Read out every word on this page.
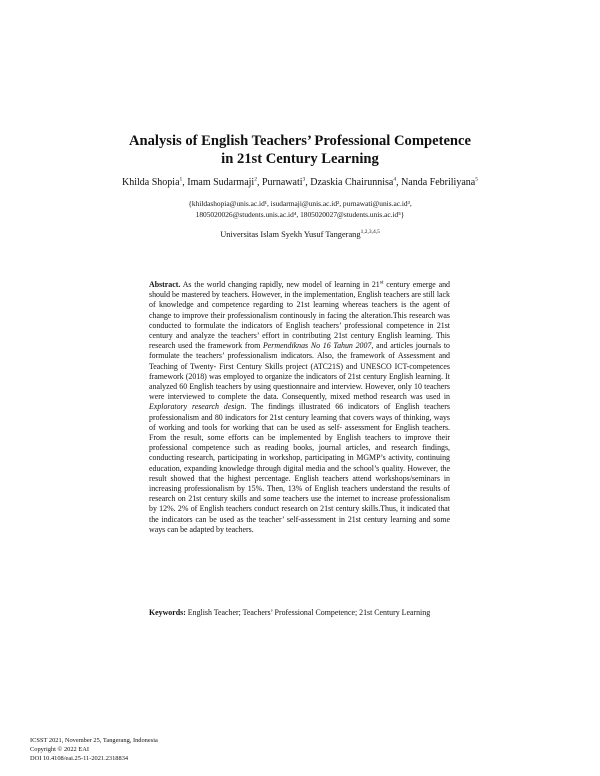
Analysis of English Teachers’ Professional Competence
in 21st Century Learning
Khilda Shopia$^1$, Imam Sudarmaji$^2$, Purnawati$^3$, Dzaskia Chairunnisa$^4$, Nanda Febriliyana$^5$
{khildashopia@unis.ac.id¹, isudarmaji@unis.ac.id², purnawati@unis.ac.id³,
1805020026@students.unis.ac.id⁴, 1805020027@students.unis.ac.id⁵}
Universitas Islam Syekh Yusuf Tangerang$^{1,2,3,4,5}$
Abstract. As the world changing rapidly, new model of learning in 21st century emerge and should be mastered by teachers. However, in the implementation, English teachers are still lack of knowledge and competence regarding to 21st learning whereas teachers is the agent of change to improve their professionalism continously in facing the alteration.This research was conducted to formulate the indicators of English teachers’ professional competence in 21st century and analyze the teachers’ effort in contributing 21st century English learning. This research used the framework from Permendiknas No 16 Tahun 2007, and articles journals to formulate the teachers’ professionalism indicators. Also, the framework of Assessment and Teaching of Twenty- First Century Skills project (ATC21S) and UNESCO ICT-competences framework (2018) was employed to organize the indicators of 21st century English learning. It analyzed 60 English teachers by using questionnaire and interview. However, only 10 teachers were interviewed to complete the data. Consequently, mixed method research was used in Exploratory research design. The findings illustrated 66 indicators of English teachers professionalism and 80 indicators for 21st century learning that covers ways of thinking, ways of working and tools for working that can be used as self- assessment for English teachers. From the result, some efforts can be implemented by English teachers to improve their professional competence such as reading books, journal articles, and research findings, conducting research, participating in workshop, participating in MGMP’s activity, continuing education, expanding knowledge through digital media and the school’s quality. However, the result showed that the highest percentage. English teachers attend workshops/seminars in increasing professionalism by 15%. Then, 13% of English teachers understand the results of research on 21st century skills and some teachers use the internet to increase professionalism by 12%. 2% of English teachers conduct research on 21st century skills.Thus, it indicated that the indicators can be used as the teacher’ self-assessment in 21st century learning and some ways can be adapted by teachers.
Keywords: English Teacher; Teachers’ Professional Competence; 21st Century Learning
ICSST 2021, November 25, Tangerang, Indonesia
Copyright © 2022 EAI
DOI 10.4108/eai.25-11-2021.2318834
